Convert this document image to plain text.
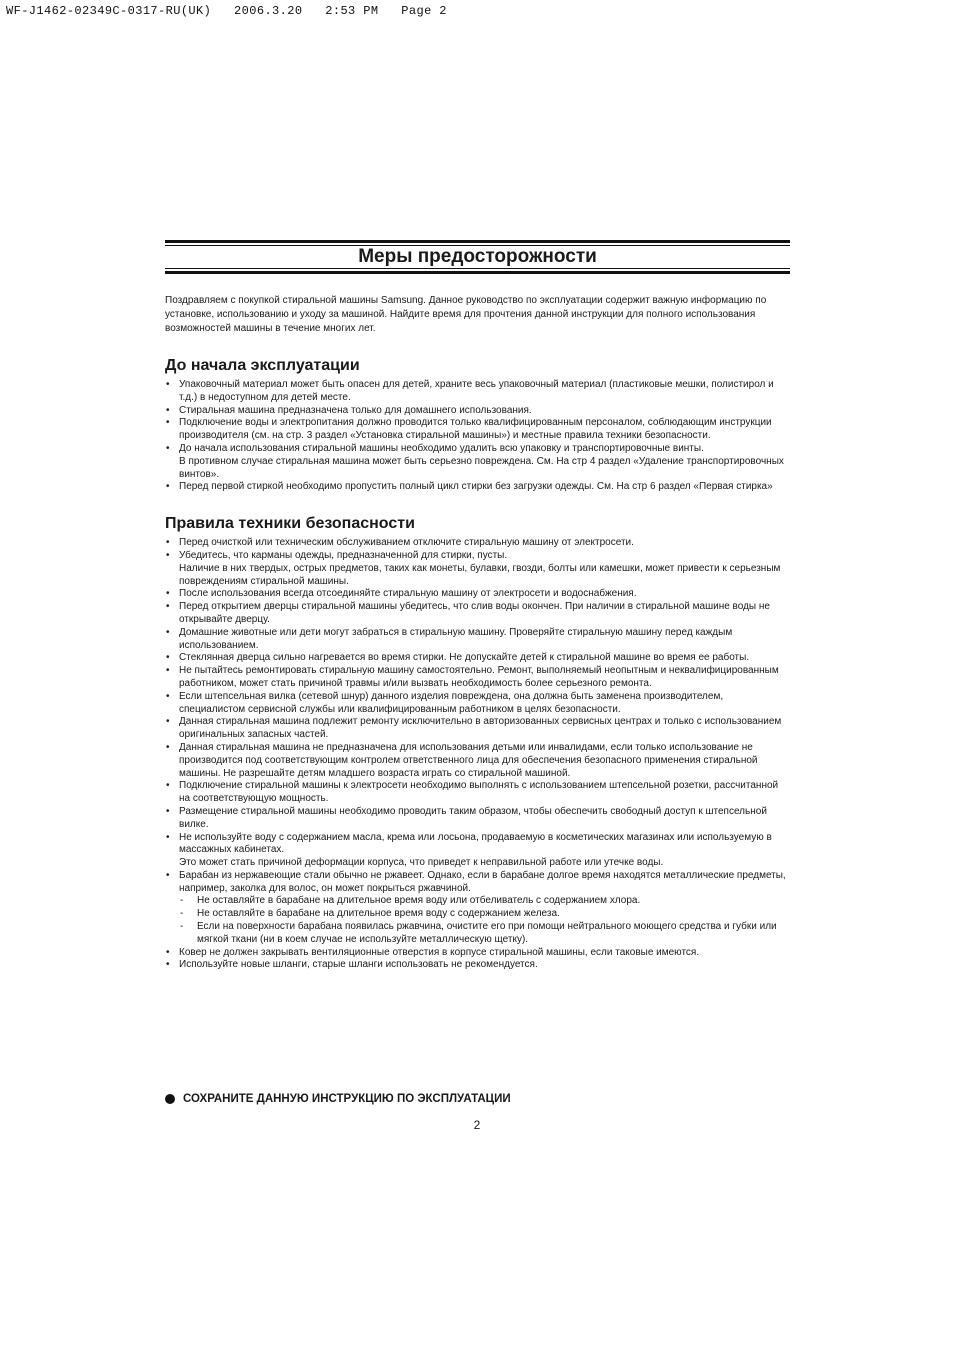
WF-J1462-02349C-0317-RU(UK)   2006.3.20   2:53 PM   Page 2
Меры предосторожности

Поздравляем с покупкой стиральной машины Samsung. Данное руководство по эксплуатации содержит важную информацию по установке, использованию и уходу за машиной. Найдите время для прочтения данной инструкции для полного использования возможностей машины в течение многих лет.

До начала эксплуатации
• Упаковочный материал может быть опасен для детей, храните весь упаковочный материал (пластиковые мешки, полистирол и т.д.) в недоступном для детей месте.
• Стиральная машина предназначена только для домашнего использования.
• Подключение воды и электропитания должно проводится только квалифицированным персоналом, соблюдающим инструкции производителя (см. на стр. 3 раздел «Установка стиральной машины») и местные правила техники безопасности.
• До начала использования стиральной машины необходимо удалить всю упаковку и транспортировочные винты.
В противном случае стиральная машина может быть серьезно повреждена. См. На стр 4 раздел «Удаление транспортировочных винтов».
• Перед первой стиркой необходимо пропустить полный цикл стирки без загрузки одежды. См. На стр 6 раздел «Первая стирка»
Правила техники безопасности
• Перед очисткой или техническим обслуживанием отключите стиральную машину от электросети.
• Убедитесь, что карманы одежды, предназначенной для стирки, пусты.
Наличие в них твердых, острых предметов, таких как монеты, булавки, гвозди, болты или камешки, может привести к серьезным повреждениям стиральной машины.
• После использования всегда отсоединяйте стиральную машину от электросети и водоснабжения.
• Перед открытием дверцы стиральной машины убедитесь, что слив воды окончен. При наличии в стиральной машине воды не открывайте дверцу.
• Домашние животные или дети могут забраться в стиральную машину. Проверяйте стиральную машину перед каждым использованием.
• Стеклянная дверца сильно нагревается во время стирки. Не допускайте детей к стиральной машине во время ее работы.
• Не пытайтесь ремонтировать стиральную машину самостоятельно. Ремонт, выполняемый неопытным и неквалифицированным работником, может стать причиной травмы и/или вызвать необходимость более серьезного ремонта.
• Если штепсельная вилка (сетевой шнур) данного изделия повреждена, она должна быть заменена производителем, специалистом сервисной службы или квалифицированным работником в целях безопасности.
• Данная стиральная машина подлежит ремонту исключительно в авторизованных сервисных центрах и только с использованием оригинальных запасных частей.
• Данная стиральная машина не предназначена для использования детьми или инвалидами, если только использование не производится под соответствующим контролем ответственного лица для обеспечения безопасного применения стиральной машины. Не разрешайте детям младшего возраста играть со стиральной машиной.
• Подключение стиральной машины к электросети необходимо выполнять с использованием штепсельной розетки, рассчитанной на соответствующую мощность.
• Размещение стиральной машины необходимо проводить таким образом, чтобы обеспечить свободный доступ к штепсельной вилке.
• Не используйте воду с содержанием масла, крема или лосьона, продаваемую в косметических магазинах или используемую в массажных кабинетах.
Это может стать причиной деформации корпуса, что приведет к неправильной работе или утечке воды.
• Барабан из нержавеющие стали обычно не ржавеет. Однако, если в барабане долгое время находятся металлические предметы, например, заколка для волос, он может покрыться ржавчиной.
- Не оставляйте в барабане на длительное время воду или отбеливатель с содержанием хлора.
- Не оставляйте в барабане на длительное время воду с содержанием железа.
- Если на поверхности барабана появилась ржавчина, очистите его при помощи нейтрального моющего средства и губки или мягкой ткани (ни в коем случае не используйте металлическую щетку).
• Ковер не должен закрывать вентиляционные отверстия в корпусе стиральной машины, если таковые имеются.
• Используйте новые шланги, старые шланги использовать не рекомендуется.
СОХРАНИТЕ ДАННУЮ ИНСТРУКЦИЮ ПО ЭКСПЛУАТАЦИИ
2
